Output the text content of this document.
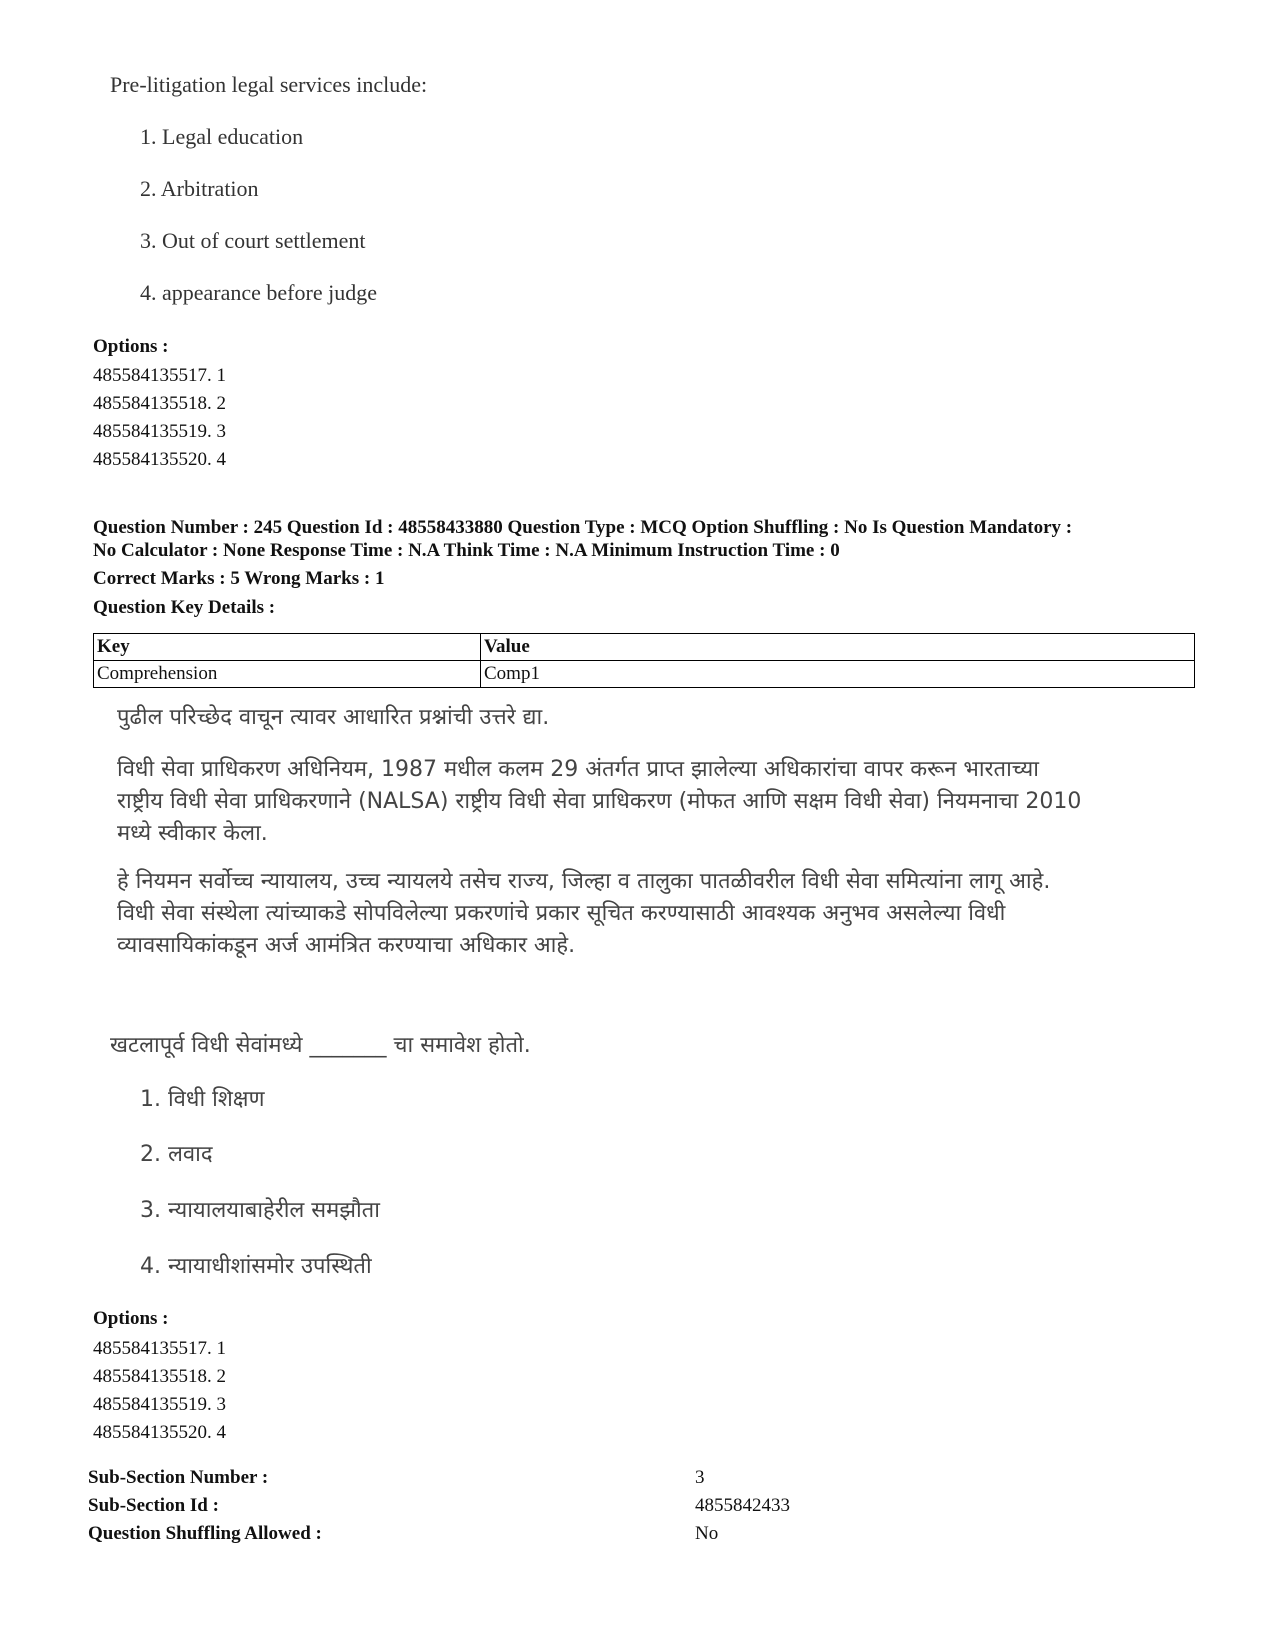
Pre-litigation legal services include:
1. Legal education
2. Arbitration
3. Out of court settlement
4. appearance before judge
Options :
485584135517. 1
485584135518. 2
485584135519. 3
485584135520. 4
Question Number : 245 Question Id : 48558433880 Question Type : MCQ Option Shuffling : No Is Question Mandatory :
No Calculator : None Response Time : N.A Think Time : N.A Minimum Instruction Time : 0
Correct Marks : 5 Wrong Marks : 1
Question Key Details :
Key	Value
Comprehension	Comp1
पुढील परिच्छेद वाचून त्यावर आधारित प्रश्नांची उत्तरे द्या.
विधी सेवा प्राधिकरण अधिनियम, 1987 मधील कलम 29 अंतर्गत प्राप्त झालेल्या अधिकारांचा वापर करून भारताच्या
राष्ट्रीय विधी सेवा प्राधिकरणाने (NALSA) राष्ट्रीय विधी सेवा प्राधिकरण (मोफत आणि सक्षम विधी सेवा) नियमनाचा 2010
मध्ये स्वीकार केला.
हे नियमन सर्वोच्च न्यायालय, उच्च न्यायलये तसेच राज्य, जिल्हा व तालुका पातळीवरील विधी सेवा समित्यांना लागू आहे.
विधी सेवा संस्थेला त्यांच्याकडे सोपविलेल्या प्रकरणांचे प्रकार सूचित करण्यासाठी आवश्यक अनुभव असलेल्या विधी
व्यावसायिकांकडून अर्ज आमंत्रित करण्याचा अधिकार आहे.
खटलापूर्व विधी सेवांमध्ये _______ चा समावेश होतो.
1. विधी शिक्षण
2. लवाद
3. न्यायालयाबाहेरील समझौता
4. न्यायाधीशांसमोर उपस्थिती
Options :
485584135517. 1
485584135518. 2
485584135519. 3
485584135520. 4
Sub-Section Number :	3
Sub-Section Id :	4855842433
Question Shuffling Allowed :	No
